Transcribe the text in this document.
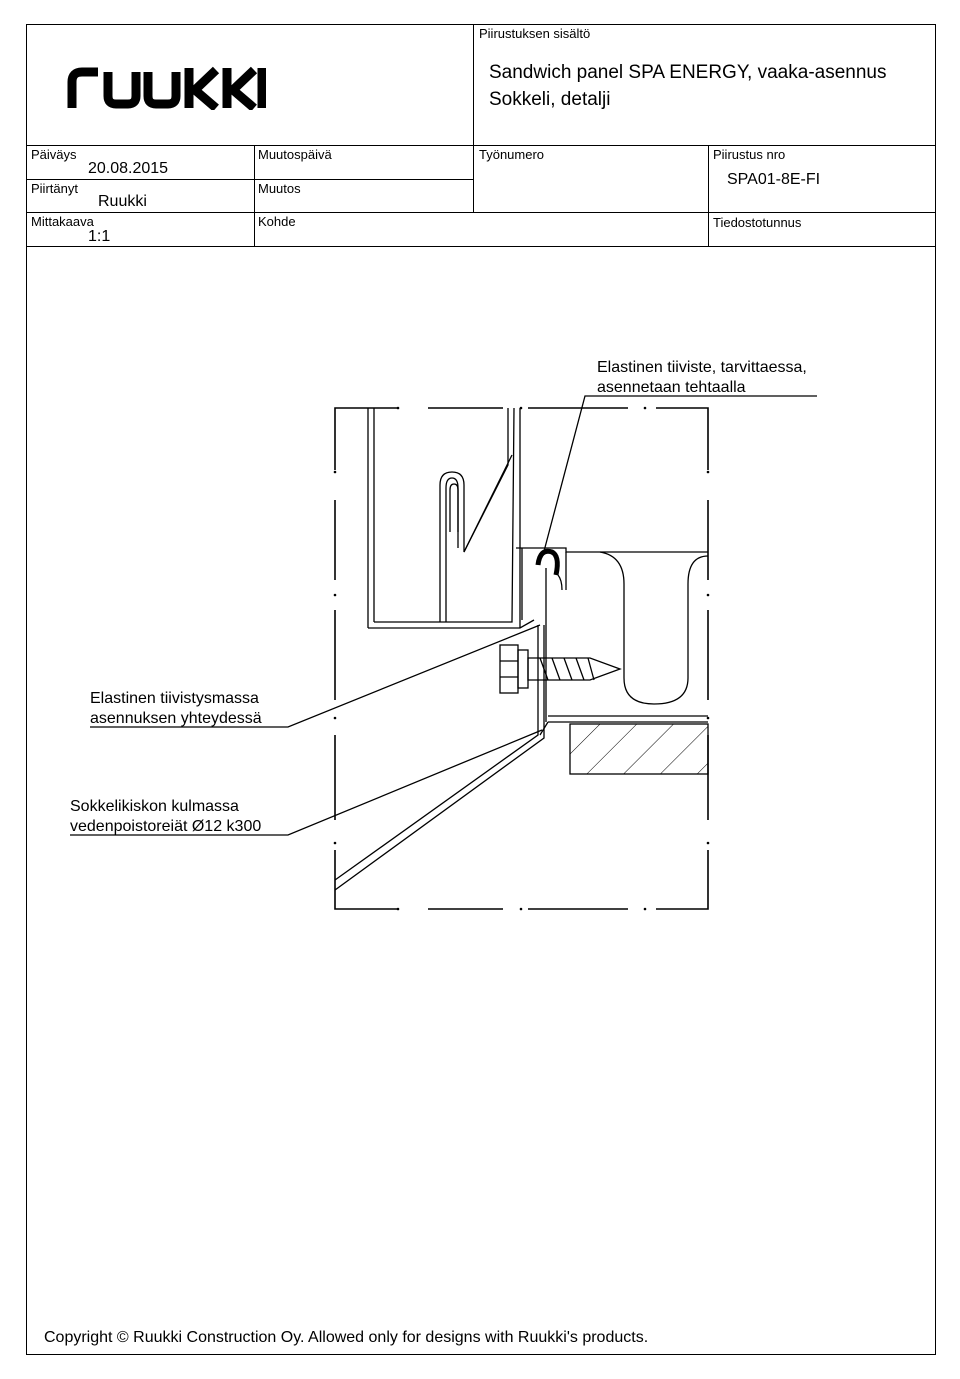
Piirustuksen sisältö
Sandwich panel SPA ENERGY, vaaka-asennus
Sokkeli, detalji
Päiväys
20.08.2015
Piirtänyt
Ruukki
Mittakaava
1:1
Muutospäivä
Muutos
Kohde
Työnumero	Piirustus nro
SPA01-8E-FI
Tiedostotunnus
Elastinen tiiviste, tarvittaessa,
asennetaan tehtaalla
Elastinen tiivistysmassa
asennuksen yhteydessä
Sokkelikiskon kulmassa
vedenpoistoreiät Ø12 k300
Copyright © Ruukki Construction Oy. Allowed only for designs with Ruukki's products.
